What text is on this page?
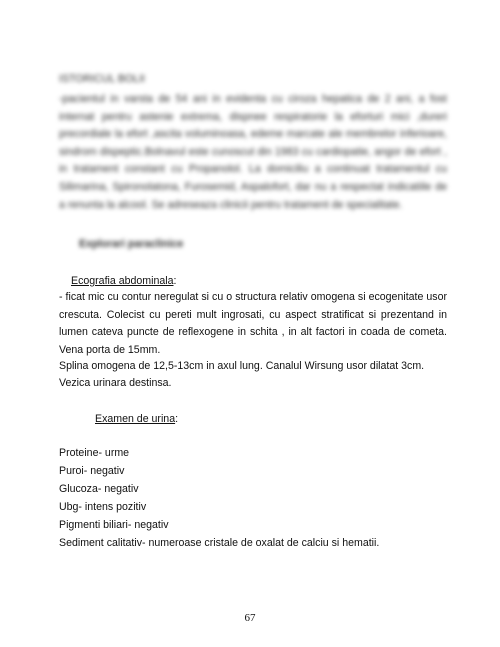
ISTORICUL BOLII
-pacientul in varsta de 54 ani in evidenta cu ciroza hepatica de 2 ani, a fost internat pentru astenie extrema, dispnee respiratorie la eforturi mici ,dureri precordiale la efort ,ascita voluminoasa, edeme marcate ale membrelor inferioare, sindrom dispeptic.Bolnavul este cunoscut din 1983 cu cardiopatie, angor de efort , in tratament constant cu Propanolol. La domiciliu a continuat tratamentul cu Silimarina, Spironolatona, Furosemid, Aspalofort, dar nu a respectat indicatiile de a renunta la alcool. Se adreseaza clinicii pentru tratament de specialitate.
Explorari paraclinice
Ecografia abdominala:
- ficat mic cu contur neregulat si cu o structura relativ omogena si ecogenitate usor crescuta. Colecist cu pereti mult ingrosati, cu aspect stratificat si prezentand in lumen cateva puncte de reflexogene in schita , in alt factori in coada de cometa. Vena porta de 15mm.
Splina omogena de 12,5-13cm in axul lung. Canalul Wirsung usor dilatat 3cm.
Vezica urinara destinsa.
Examen de urina:
Proteine- urme
Puroi- negativ
Glucoza- negativ
Ubg- intens pozitiv
Pigmenti biliari- negativ
Sediment calitativ- numeroase cristale de oxalat de calciu si hematii.
67
